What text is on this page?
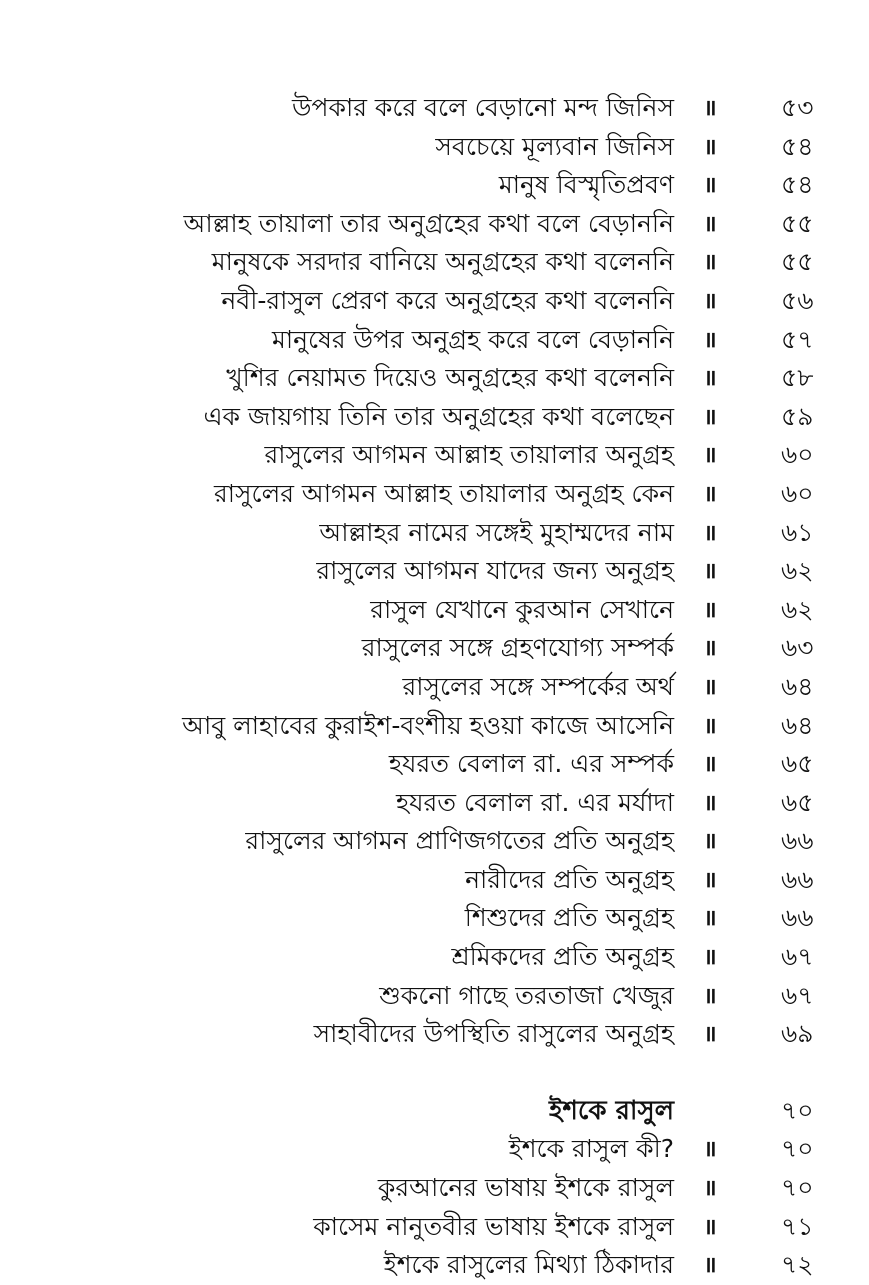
উপকার করে বলে বেড়ানো মন্দ জিনিস ॥	৫৩
সবচেয়ে মূল্যবান জিনিস ॥	৫৪
মানুষ বিস্মৃতিপ্রবণ ॥	৫৪
আল্লাহ তায়ালা তার অনুগ্রহের কথা বলে বেড়াননি ॥	৫৫
মানুষকে সরদার বানিয়ে অনুগ্রহের কথা বলেননি ॥	৫৫
নবী-রাসুল প্রেরণ করে অনুগ্রহের কথা বলেননি ॥	৫৬
মানুষের উপর অনুগ্রহ করে বলে বেড়াননি ॥	৫৭
খুশির নেয়ামত দিয়েও অনুগ্রহের কথা বলেননি ॥	৫৮
এক জায়গায় তিনি তার অনুগ্রহের কথা বলেছেন ॥	৫৯
রাসুলের আগমন আল্লাহ তায়ালার অনুগ্রহ ॥	৬০
রাসুলের আগমন আল্লাহ তায়ালার অনুগ্রহ কেন ॥	৬০
আল্লাহর নামের সঙ্গেই মুহাম্মদের নাম ॥	৬১
রাসুলের আগমন যাদের জন্য অনুগ্রহ ॥	৬২
রাসুল যেখানে কুরআন সেখানে ॥	৬২
রাসুলের সঙ্গে গ্রহণযোগ্য সম্পর্ক ॥	৬৩
রাসুলের সঙ্গে সম্পর্কের অর্থ ॥	৬৪
আবু লাহাবের কুরাইশ-বংশীয় হওয়া কাজে আসেনি ॥	৬৪
হযরত বেলাল রা. এর সম্পর্ক ॥	৬৫
হযরত বেলাল রা. এর মর্যাদা ॥	৬৫
রাসুলের আগমন প্রাণিজগতের প্রতি অনুগ্রহ ॥	৬৬
নারীদের প্রতি অনুগ্রহ ॥	৬৬
শিশুদের প্রতি অনুগ্রহ ॥	৬৬
শ্রমিকদের প্রতি অনুগ্রহ ॥	৬৭
শুকনো গাছে তরতাজা খেজুর ॥	৬৭
সাহাবীদের উপস্থিতি রাসুলের অনুগ্রহ ॥	৬৯
ইশকে রাসুল	৭০
ইশকে রাসুল কী? ॥	৭০
কুরআনের ভাষায় ইশকে রাসুল ॥	৭০
কাসেম নানুতবীর ভাষায় ইশকে রাসুল ॥	৭১
ইশকে রাসুলের মিথ্যা ঠিকাদার ॥	৭২
